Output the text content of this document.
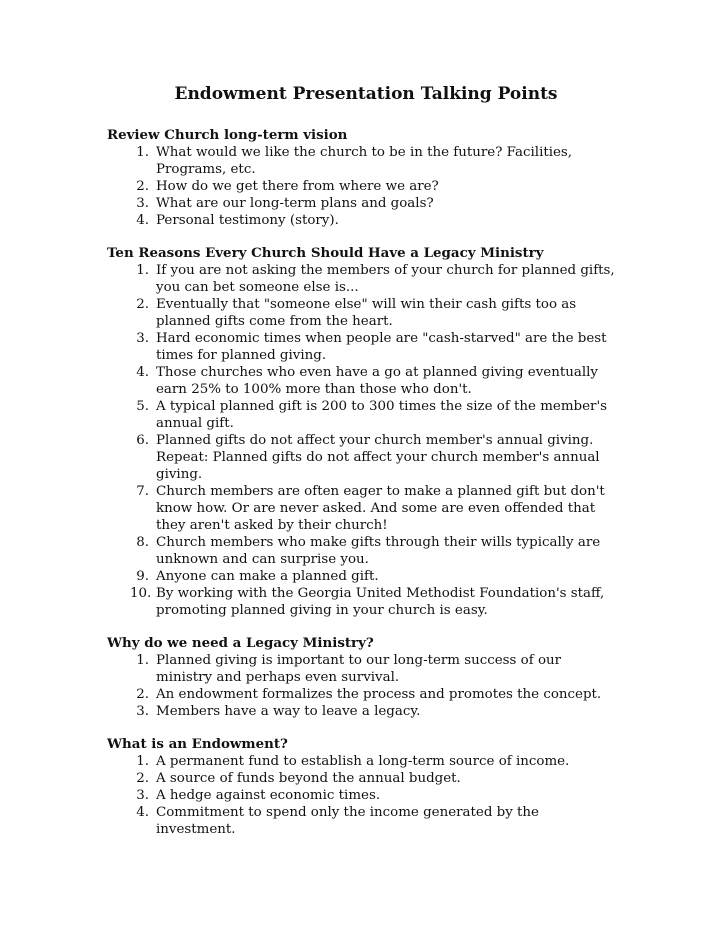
Endowment Presentation Talking Points

Review Church long-term vision

1. What would we like the church to be in the future? Facilities, Programs, etc.
2. How do we get there from where we are?
3. What are our long-term plans and goals?
4. Personal testimony (story).

Ten Reasons Every Church Should Have a Legacy Ministry

1. If you are not asking the members of your church for planned gifts, you can bet someone else is...
2. Eventually that "someone else" will win their cash gifts too as planned gifts come from the heart.
3. Hard economic times when people are "cash-starved" are the best times for planned giving.
4. Those churches who even have a go at planned giving eventually earn 25% to 100% more than those who don't.
5. A typical planned gift is 200 to 300 times the size of the member's annual gift.
6. Planned gifts do not affect your church member's annual giving. Repeat: Planned gifts do not affect your church member's annual giving.
7. Church members are often eager to make a planned gift but don't know how. Or are never asked. And some are even offended that they aren't asked by their church!
8. Church members who make gifts through their wills typically are unknown and can surprise you.
9. Anyone can make a planned gift.
10. By working with the Georgia United Methodist Foundation's staff, promoting planned giving in your church is easy.

Why do we need a Legacy Ministry?

1. Planned giving is important to our long-term success of our ministry and perhaps even survival.
2. An endowment formalizes the process and promotes the concept.
3. Members have a way to leave a legacy.

What is an Endowment?

1. A permanent fund to establish a long-term source of income.
2. A source of funds beyond the annual budget.
3. A hedge against economic times.
4. Commitment to spend only the income generated by the investment.
